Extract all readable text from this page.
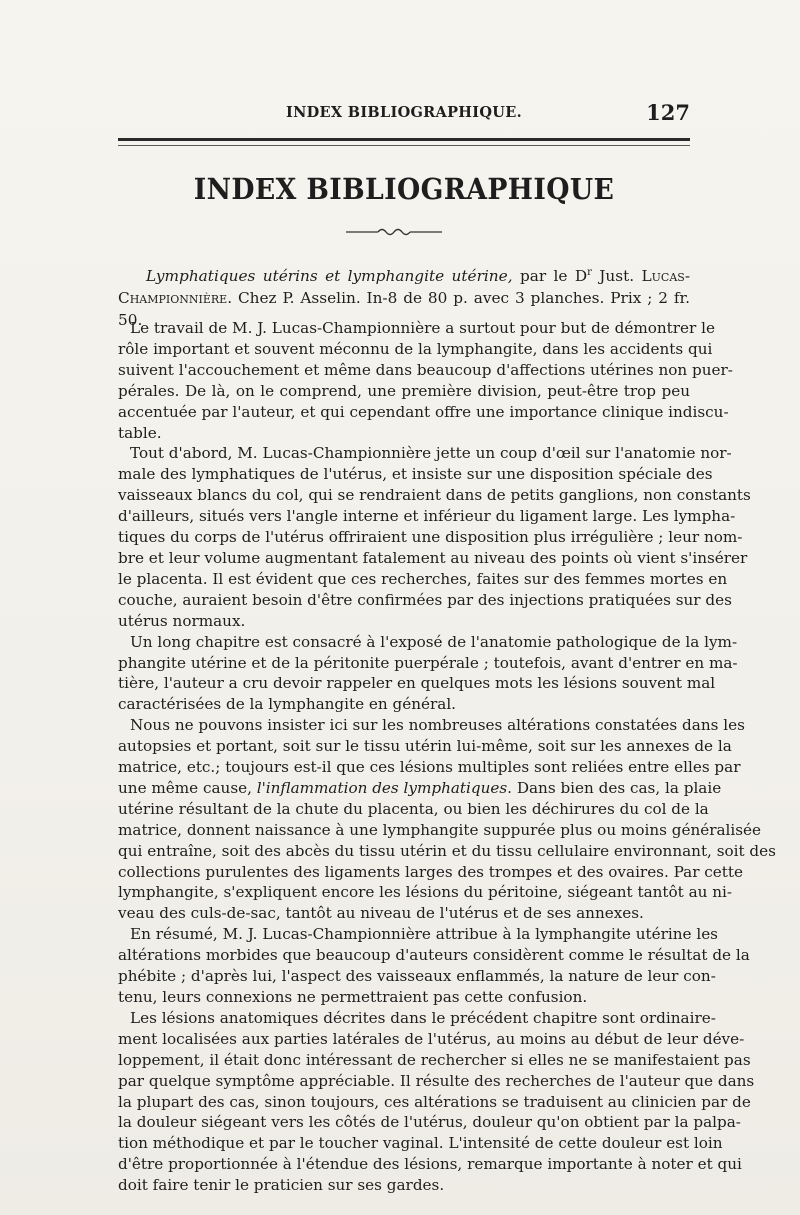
INDEX BIBLIOGRAPHIQUE.	127
INDEX BIBLIOGRAPHIQUE
Lymphatiques utérins et lymphangite utérine, par le $D^r$ Just. Lucas-Championnière. Chez P. Asselin. In-8 de 80 p. avec 3 planches. Prix ; 2 fr. 50.
Le travail de M. J. Lucas-Championnière a surtout pour but de démontrer le
rôle important et souvent méconnu de la lymphangite, dans les accidents qui
suivent l'accouchement et même dans beaucoup d'affections utérines non puer-
pérales. De là, on le comprend, une première division, peut-être trop peu
accentuée par l'auteur, et qui cependant offre une importance clinique indiscu-
table.
Tout d'abord, M. Lucas-Championnière jette un coup d'œil sur l'anatomie nor-
male des lymphatiques de l'utérus, et insiste sur une disposition spéciale des
vaisseaux blancs du col, qui se rendraient dans de petits ganglions, non constants
d'ailleurs, situés vers l'angle interne et inférieur du ligament large. Les lympha-
tiques du corps de l'utérus offriraient une disposition plus irrégulière ; leur nom-
bre et leur volume augmentant fatalement au niveau des points où vient s'insérer
le placenta. Il est évident que ces recherches, faites sur des femmes mortes en
couche, auraient besoin d'être confirmées par des injections pratiquées sur des
utérus normaux.
Un long chapitre est consacré à l'exposé de l'anatomie pathologique de la lym-
phangite utérine et de la péritonite puerpérale ; toutefois, avant d'entrer en ma-
tière, l'auteur a cru devoir rappeler en quelques mots les lésions souvent mal
caractérisées de la lymphangite en général.
Nous ne pouvons insister ici sur les nombreuses altérations constatées dans les
autopsies et portant, soit sur le tissu utérin lui-même, soit sur les annexes de la
matrice, etc.; toujours est-il que ces lésions multiples sont reliées entre elles par
une même cause, l'inflammation des lymphatiques. Dans bien des cas, la plaie
utérine résultant de la chute du placenta, ou bien les déchirures du col de la
matrice, donnent naissance à une lymphangite suppurée plus ou moins généralisée
qui entraîne, soit des abcès du tissu utérin et du tissu cellulaire environnant, soit des
collections purulentes des ligaments larges des trompes et des ovaires. Par cette
lymphangite, s'expliquent encore les lésions du péritoine, siégeant tantôt au ni-
veau des culs-de-sac, tantôt au niveau de l'utérus et de ses annexes.
En résumé, M. J. Lucas-Championnière attribue à la lymphangite utérine les
altérations morbides que beaucoup d'auteurs considèrent comme le résultat de la
phébite ; d'après lui, l'aspect des vaisseaux enflammés, la nature de leur con-
tenu, leurs connexions ne permettraient pas cette confusion.
Les lésions anatomiques décrites dans le précédent chapitre sont ordinaire-
ment localisées aux parties latérales de l'utérus, au moins au début de leur déve-
loppement, il était donc intéressant de rechercher si elles ne se manifestaient pas
par quelque symptôme appréciable. Il résulte des recherches de l'auteur que dans
la plupart des cas, sinon toujours, ces altérations se traduisent au clinicien par de
la douleur siégeant vers les côtés de l'utérus, douleur qu'on obtient par la palpa-
tion méthodique et par le toucher vaginal. L'intensité de cette douleur est loin
d'être proportionnée à l'étendue des lésions, remarque importante à noter et qui
doit faire tenir le praticien sur ses gardes.
